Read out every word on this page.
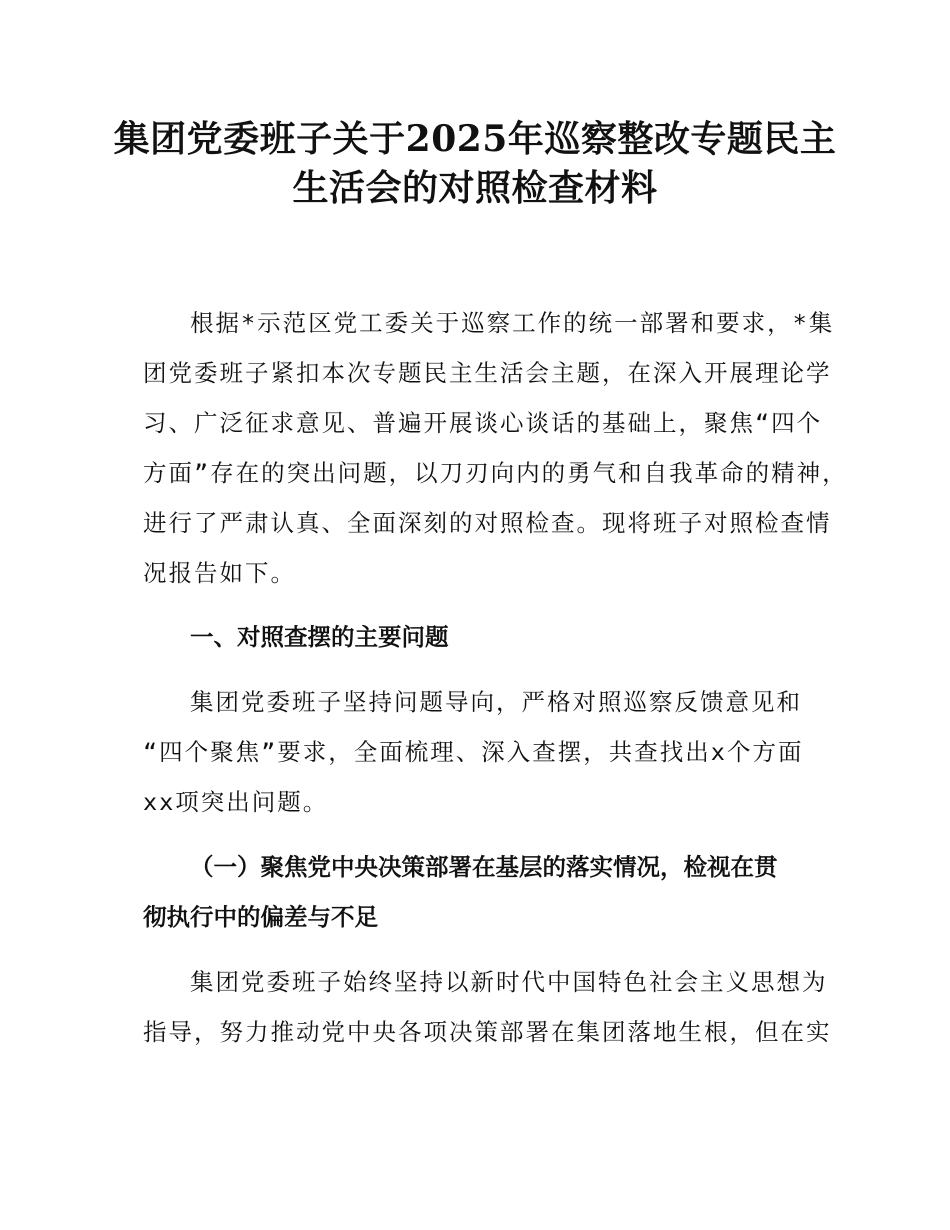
集团党委班子关于2025年巡察整改专题民主
生活会的对照检查材料
根据*示范区党工委关于巡察工作的统一部署和要求，*集
团党委班子紧扣本次专题民主生活会主题，在深入开展理论学
习、广泛征求意见、普遍开展谈心谈话的基础上，聚焦“四个
方面”存在的突出问题，以刀刃向内的勇气和自我革命的精神，
进行了严肃认真、全面深刻的对照检查。现将班子对照检查情
况报告如下。
一、对照查摆的主要问题
集团党委班子坚持问题导向，严格对照巡察反馈意见和
“四个聚焦”要求，全面梳理、深入查摆，共查找出x个方面
xx项突出问题。
（一）聚焦党中央决策部署在基层的落实情况，检视在贯
彻执行中的偏差与不足
集团党委班子始终坚持以新时代中国特色社会主义思想为
指导，努力推动党中央各项决策部署在集团落地生根，但在实
